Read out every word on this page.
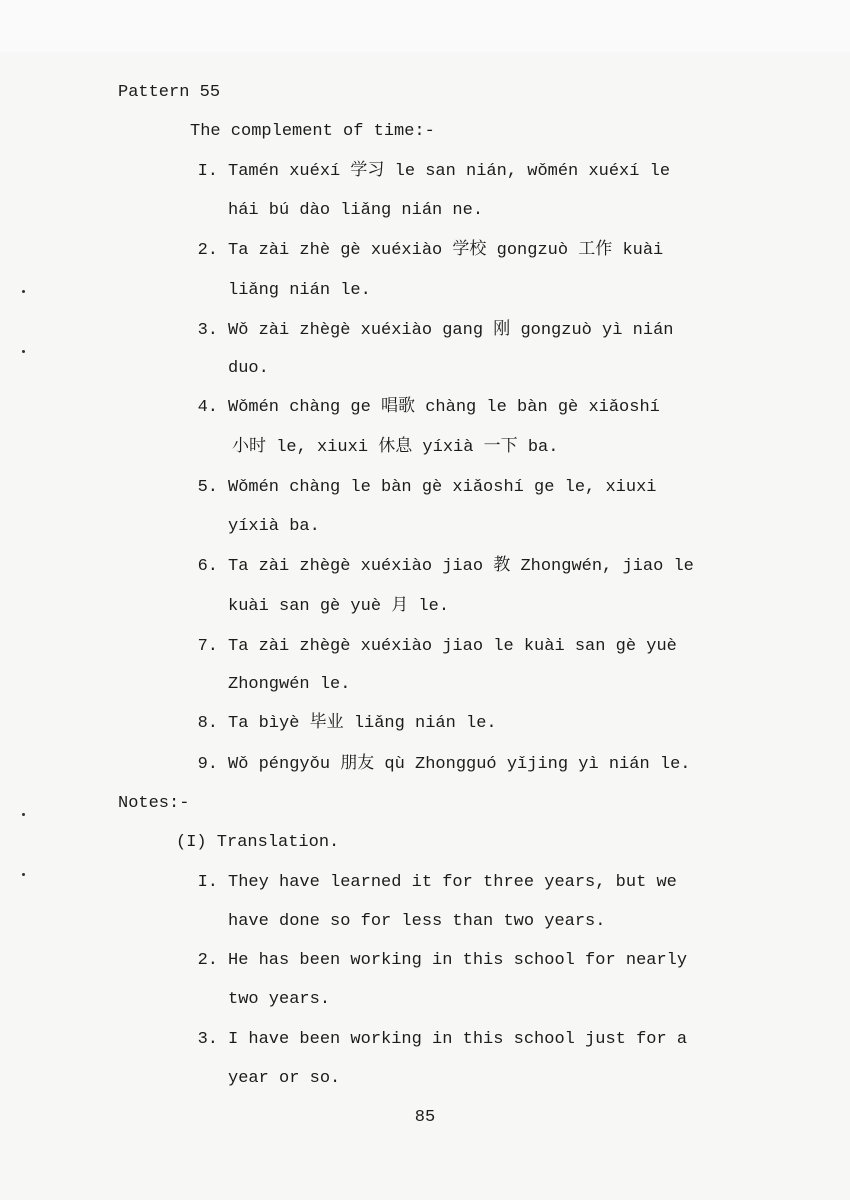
Pattern 55
The complement of time:-
I. Tamén xuéxí 学习 le san nián, wǒmén xuéxí le
hái bú dào liǎng nián ne.
2. Ta zài zhè gè xuéxiào 学校 gongzuò 工作 kuài
liǎng nián le.
3. Wǒ zài zhègè xuéxiào gang 刚 gongzuò yì nián
duo.
4. Wǒmén chàng ge 唱歌 chàng le bàn gè xiǎoshí
小时 le, xiuxi 休息 yíxià 一下 ba.
5. Wǒmén chàng le bàn gè xiǎoshí ge le, xiuxi
yíxià ba.
6. Ta zài zhègè xuéxiào jiao 教 Zhongwén, jiao le
kuài san gè yuè 月 le.
7. Ta zài zhègè xuéxiào jiao le kuài san gè yuè
Zhongwén le.
8. Ta bìyè 毕业 liǎng nián le.
9. Wǒ péngyǒu 朋友 qù Zhongguó yǐjing yì nián le.
Notes:-
(I) Translation.
I. They have learned it for three years, but we
have done so for less than two years.
2. He has been working in this school for nearly
two years.
3. I have been working in this school just for a
year or so.
85
